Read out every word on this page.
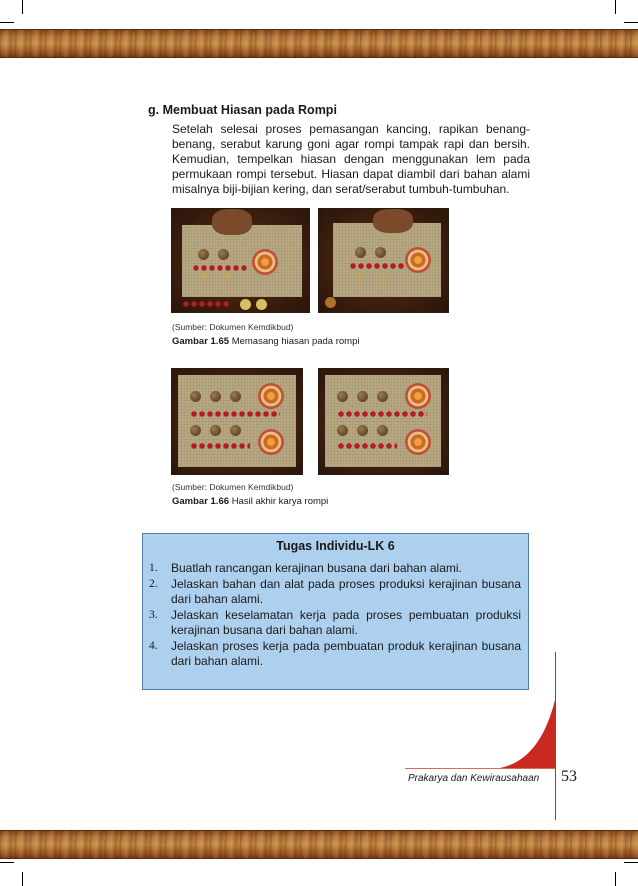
g. Membuat Hiasan pada Rompi
Setelah selesai proses pemasangan kancing, rapikan benang-benang, serabut karung goni agar rompi tampak rapi dan bersih. Kemudian, tempelkan hiasan dengan menggunakan lem pada permukaan rompi tersebut. Hiasan dapat diambil dari bahan alami misalnya biji-bijian kering, dan serat/serabut tumbuh-tumbuhan.
✦ ✦	✦ ✦
(Sumber: Dokumen Kemdikbud)
Gambar 1.65 Memasang hiasan pada rompi
(Sumber: Dokumen Kemdikbud)
Gambar 1.66 Hasil akhir karya rompi
Tugas Individu-LK 6
1. Buatlah rancangan kerajinan busana dari bahan alami.
2. Jelaskan bahan dan alat pada proses produksi kerajinan busana dari bahan alami.
3. Jelaskan keselamatan kerja pada proses pembuatan produksi kerajinan busana dari bahan alami.
4. Jelaskan proses kerja pada pembuatan produk kerajinan busana dari bahan alami.
Prakarya dan Kewirausahaan 53
